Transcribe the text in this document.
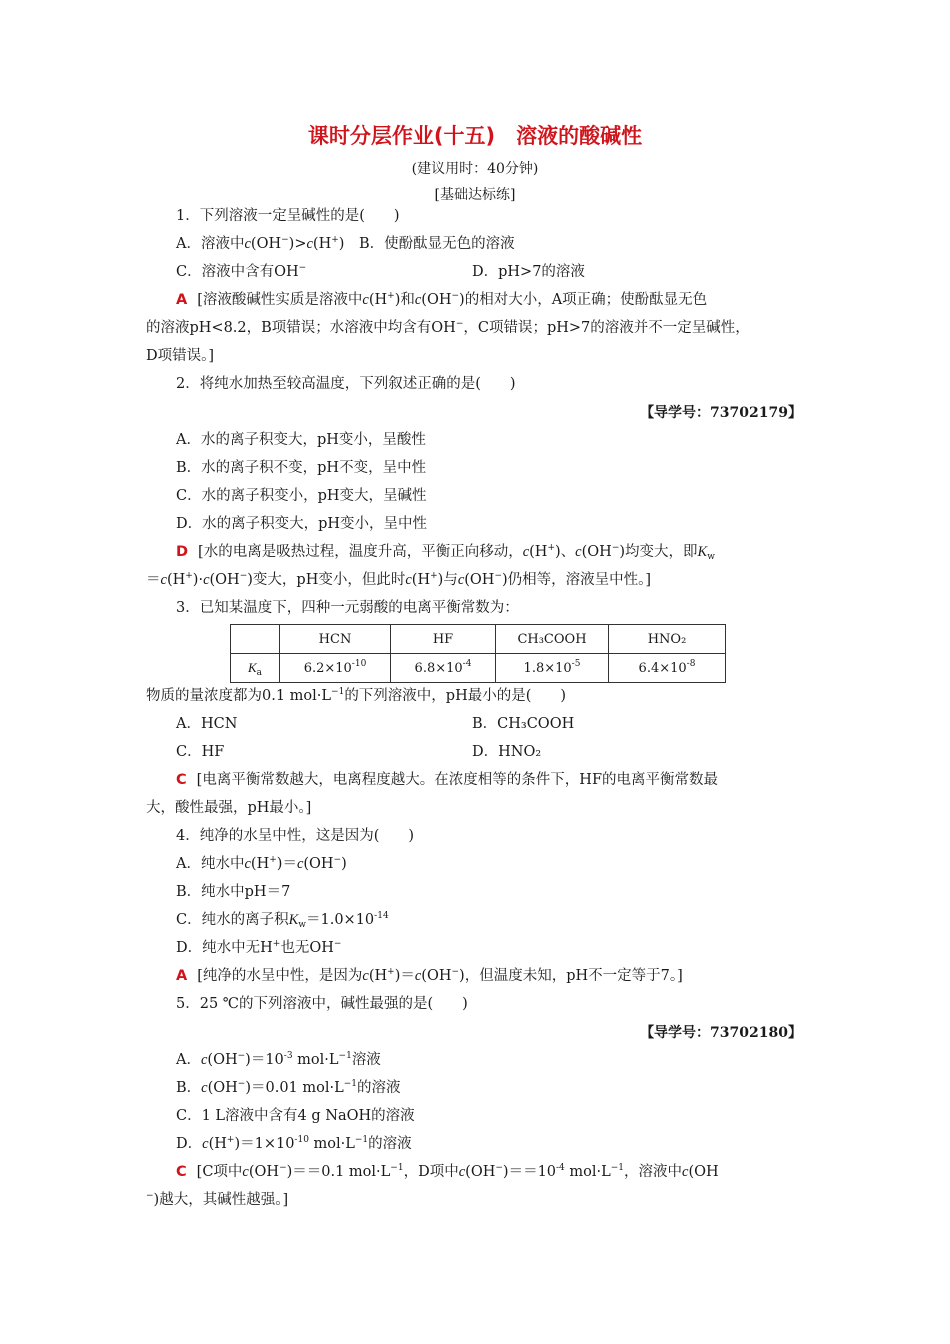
课时分层作业(十五)　溶液的酸碱性
(建议用时：40分钟)
[基础达标练]
1．下列溶液一定呈碱性的是(　　)
A．溶液中c(OH−)>c(H+)　 B．使酚酞显无色的溶液
C．溶液中含有OH−	D．pH>7的溶液
A [溶液酸碱性实质是溶液中c(H+)和c(OH−)的相对大小，A项正确；使酚酞显无色
的溶液pH<8.2，B项错误；水溶液中均含有OH−，C项错误；pH>7的溶液并不一定呈碱性，
D项错误。]
2．将纯水加热至较高温度，下列叙述正确的是(　　)
【导学号：73702179】
A．水的离子积变大，pH变小，呈酸性
B．水的离子积不变，pH不变，呈中性
C．水的离子积变小，pH变大，呈碱性
D．水的离子积变大，pH变小，呈中性
D [水的电离是吸热过程，温度升高，平衡正向移动，c(H+)、c(OH−)均变大，即$K_w$
＝c(H+)·c(OH−)变大，pH变小，但此时c(H+)与c(OH−)仍相等，溶液呈中性。]
3．已知某温度下，四种一元弱酸的电离平衡常数为：
	HCN	HF	CH₃COOH	HNO₂
$K_a$	$6.2\times 10^{-10}$	$6.8\times 10^{-4}$	$1.8\times 10^{-5}$	$6.4\times 10^{-8}$
物质的量浓度都为0.1 $mol\cdot L^{-1}$的下列溶液中，pH最小的是(　　)
A．HCN	B．CH₃COOH
C．HF	D．HNO₂
C [电离平衡常数越大，电离程度越大。在浓度相等的条件下，HF的电离平衡常数最
大，酸性最强，pH最小。]
4．纯净的水呈中性，这是因为(　　)
A．纯水中c(H+)＝c(OH−)
B．纯水中pH＝7
C．纯水的离子积$K_w=1.0\times 10^{-14}$
D．纯水中无H+也无OH−
A [纯净的水呈中性，是因为c(H+)＝c(OH−)，但温度未知，pH不一定等于7。]
5．25 ℃的下列溶液中，碱性最强的是(　　)
【导学号：73702180】
A．$c(OH^-)=10^{-3}$ $mol\cdot L^{-1}$溶液
B．c(OH−)＝0.01 $mol\cdot L^{-1}$的溶液
C．1 L溶液中含有4 g NaOH的溶液
D．$c(H^+)=1\times 10^{-10}$ $mol\cdot L^{-1}$的溶液
C [C项中c(OH−)＝＝0.1 $mol\cdot L^{-1}$，D项中$c(OH^-)==10^{-4}$ $mol\cdot L^{-1}$，溶液中c(OH
−)越大，其碱性越强。]
